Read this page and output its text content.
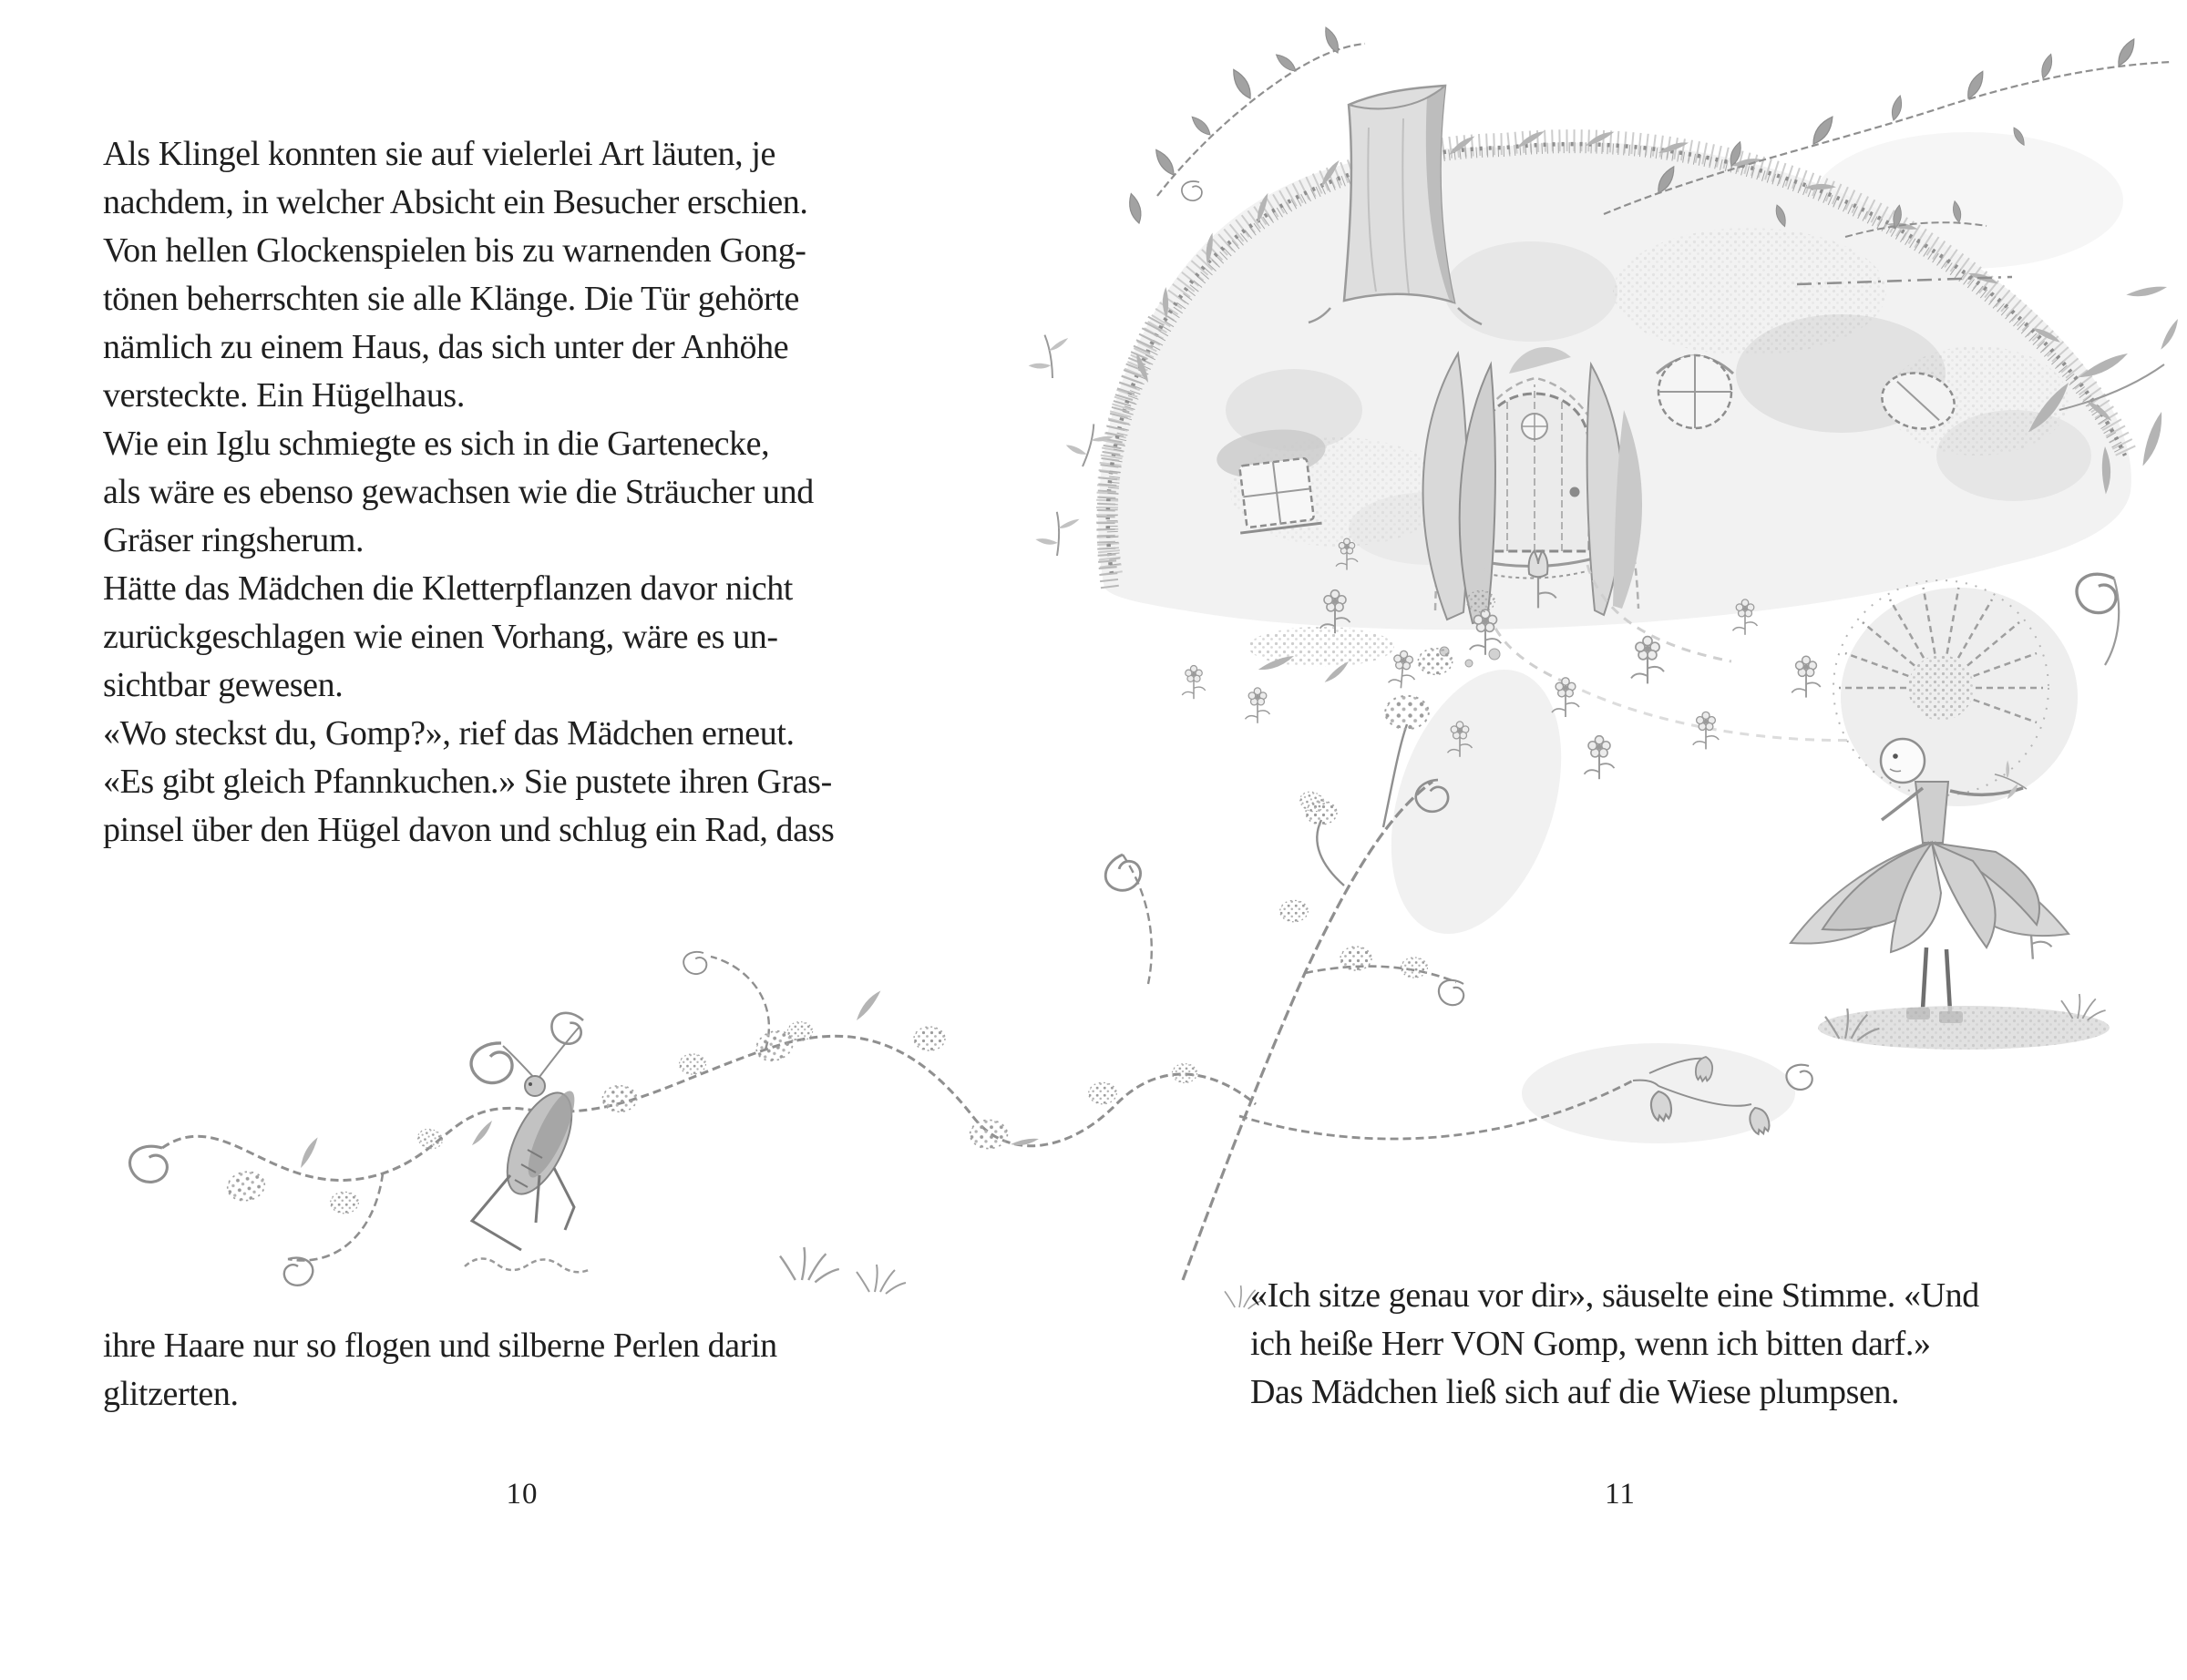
Als Klingel konnten sie auf vielerlei Art läuten, je

nachdem, in welcher Absicht ein Besucher erschien.

Von hellen Glockenspielen bis zu warnenden Gong-

tönen beherrschten sie alle Klänge. Die Tür gehörte

nämlich zu einem Haus, das sich unter der Anhöhe

versteckte. Ein Hügelhaus.

Wie ein Iglu schmiegte es sich in die Gartenecke,

als wäre es ebenso gewachsen wie die Sträucher und

Gräser ringsherum.

Hätte das Mädchen die Kletterpflanzen davor nicht

zurückgeschlagen wie einen Vorhang, wäre es un-

sichtbar gewesen.

«Wo steckst du, Gomp?», rief das Mädchen erneut.

«Es gibt gleich Pfannkuchen.» Sie pustete ihren Gras-

pinsel über den Hügel davon und schlug ein Rad, dass

ihre Haare nur so flogen und silberne Perlen darin

glitzerten.

10

«Ich sitze genau vor dir», säuselte eine Stimme. «Und

ich heiße Herr VON Gomp, wenn ich bitten darf.»

Das Mädchen ließ sich auf die Wiese plumpsen.

11
